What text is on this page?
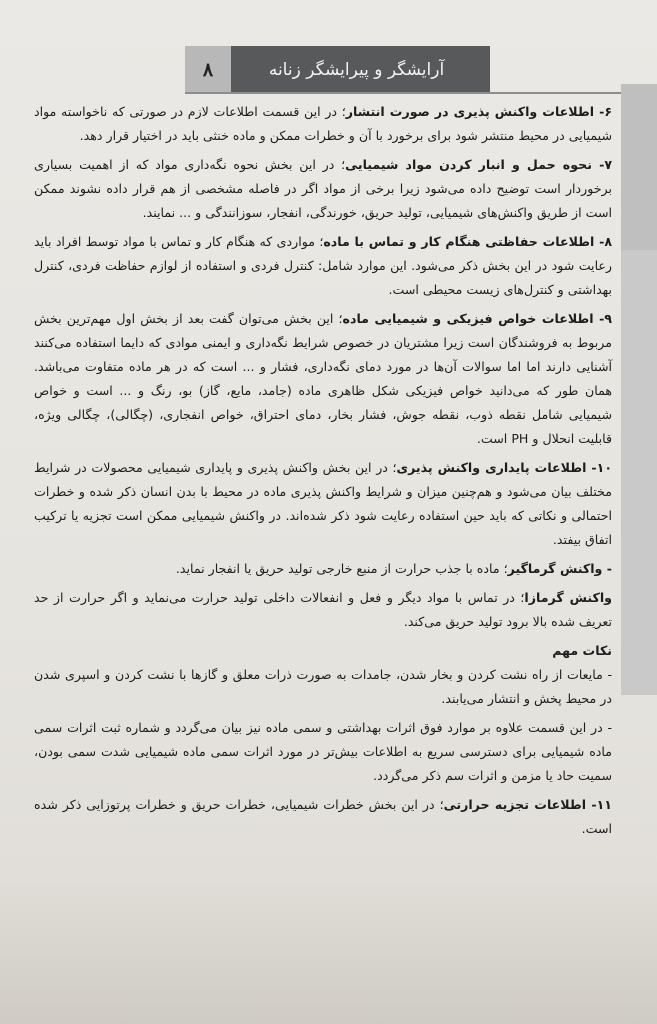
۸	آرایشگر و پیرایشگر زنانه

۶- اطلاعات واکنش پذیری در صورت انتشار؛ در این قسمت اطلاعات لازم در صورتی که ناخواسته مواد شیمیایی در محیط منتشر شود برای برخورد با آن و خطرات ممکن و ماده خنثی باید در اختیار قرار دهد.

۷- نحوه حمل و انبار کردن مواد شیمیایی؛ در این بخش نحوه نگه‌داری مواد که از اهمیت بسیاری برخوردار است توضیح داده می‌شود زیرا برخی از مواد اگر در فاصله مشخصی از هم قرار داده نشوند ممکن است از طریق واکنش‌های شیمیایی، تولید حریق، خورندگی، انفجار، سوزانندگی و ... نمایند.

۸- اطلاعات حفاظتی هنگام کار و تماس با ماده؛ مواردی که هنگام کار و تماس با مواد توسط افراد باید رعایت شود در این بخش ذکر می‌شود. این موارد شامل: کنترل فردی و استفاده از لوازم حفاظت فردی، کنترل بهداشتی و کنترل‌های زیست محیطی است.

۹- اطلاعات خواص فیزیکی و شیمیایی ماده؛ این بخش می‌توان گفت بعد از بخش اول مهم‌ترین بخش مربوط به فروشندگان است زیرا مشتریان در خصوص شرایط نگه‌داری و ایمنی موادی که دایما استفاده می‌کنند آشنایی دارند اما اما سوالات آن‌ها در مورد دمای نگه‌داری، فشار و ... است که در هر ماده متفاوت می‌باشد. همان طور که می‌دانید خواص فیزیکی شکل ظاهری ماده (جامد، مایع، گاز) بو، رنگ و ... است و خواص شیمیایی شامل نقطه ذوب، نقطه جوش، فشار بخار، دمای احتراق، خواص انفجاری، (چگالی)، چگالی ویژه، قابلیت انحلال و PH است.

۱۰- اطلاعات پایداری واکنش پذیری؛ در این بخش واکنش پذیری و پایداری شیمیایی محصولات در شرایط مختلف بیان می‌شود و هم‌چنین میزان و شرایط واکنش پذیری ماده در محیط با بدن انسان ذکر شده و خطرات احتمالی و نکاتی که باید حین استفاده رعایت شود ذکر شده‌اند. در واکنش شیمیایی ممکن است تجزیه یا ترکیب اتفاق بیفتد.

- واکنش گرماگیر؛ ماده با جذب حرارت از منبع خارجی تولید حریق یا انفجار نماید.

واکنش گرمازا؛ در تماس با مواد دیگر و فعل و انفعالات داخلی تولید حرارت می‌نماید و اگر حرارت از حد تعریف شده بالا برود تولید حریق می‌کند.

نکات مهم
- مایعات از راه نشت کردن و بخار شدن، جامدات به صورت ذرات معلق و گازها با نشت کردن و اسپری شدن در محیط پخش و انتشار می‌یابند.

- در این قسمت علاوه بر موارد فوق اثرات بهداشتی و سمی ماده نیز بیان می‌گردد و شماره ثبت اثرات سمی ماده شیمیایی برای دسترسی سریع به اطلاعات بیش‌تر در مورد اثرات سمی ماده شیمیایی شدت سمی بودن، سمیت حاد یا مزمن و اثرات سم ذکر می‌گردد.

۱۱- اطلاعات تجزیه حرارتی؛ در این بخش خطرات شیمیایی، خطرات حریق و خطرات پرتوزایی ذکر شده است.
